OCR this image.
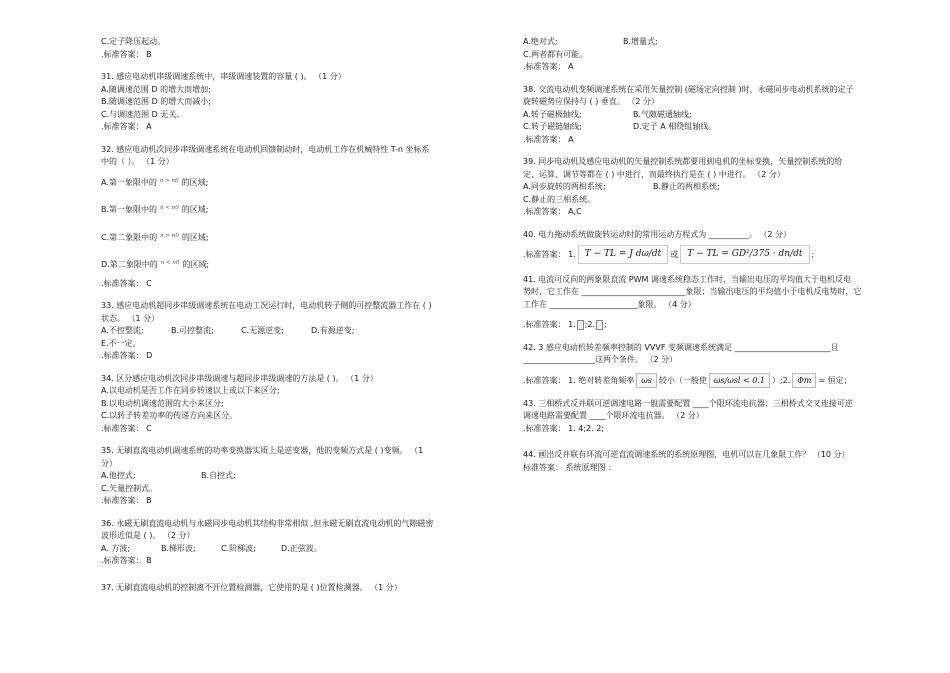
C.定子降压起动。
.标准答案： B
31. 感应电动机串级调速系统中，串级调速装置的容量 ( )。 （1 分）
A.随调速范围 D 的增大而增加;
B.随调速范围 D 的增大而减小;
C.与调速范围 D 无关。
.标准答案： A
32. 感应电动机次同步串级调速系统在电动机回馈制动时，电动机工作在机械特性 T-n 坐标系
中的（ ）。 （1 分）
A.第一象限中的 n > n0 的区域;
B.第一象限中的 n < n0 的区域;
C.第二象限中的 n > n0 的区域;
D.第二象限中的 n < n0 的区域;
.标准答案： C
33. 感应电动机超同步串级调速系统在电动工况运行时，电动机转子侧的可控整流器工作在 ( )
状态。 （1 分）
A.不控整流;	B.可控整流;	C.无源逆变;	D.有源逆变;
E.不一定。
.标准答案： D
34. 区分感应电动机次同步串级调速与超同步串级调速的方法是 ( )。 （1 分）
A.以电动机是否工作在同步转速以上或以下来区分;
B.以电动机调速范围的大小来区分;
C.以转子转差功率的传递方向来区分。
.标准答案： C
35. 无刷直流电动机调速系统的功率变换器实质上是逆变器，他的变频方式是 ( )变频。 （1
分）
A.他控式;	B.自控式;
C.矢量控制式。
.标准答案： B
36. 永磁无刷直流电动机与永磁同步电动机其结构非常相似 ,但永磁无刷直流电动机的气隙磁密
波形近似是 ( )。 （2 分）
A. 方波;	B.梯形波;	C.阶梯波;	D.正弦波。
.标准答案： B
37. 无刷直流电动机的控制离不开位置检测器，它使用的是 ( )位置检测器。 （1 分）
A.绝对式;	B.增量式;
C.两者都有可能。
.标准答案： A
38. 交流电动机变频调速系统在采用矢量控制 (磁场定向控制 )时，永磁同步电动机系统的定子
旋转磁势应保持与 ( ) 垂直。 （2 分）
A.转子磁极轴线;	B.气隙磁通轴线;
C.转子磁链轴线;	D.定子 A 相绕组轴线。
.标准答案： A
39. 同步电动机及感应电动机的矢量控制系统都要用到电机的坐标变换，矢量控制系统的给
定、运算、调节等都在 ( ) 中进行，而最终执行是在 ( ) 中进行。 （2 分）
A.同步旋转的两相系统;	B.静止的两相系统;
C.静止的三相系统。
.标准答案： A,C
40. 电力拖动系统做旋转运动时的常用运动方程式为 __________。 （2 分）
.标准答案： 1. T − TL = J dω/dt 或 T − TL = GD²/375 · dn/dt ;
41. 电流可反向的两象限直流 PWM 调速系统稳态工作时，当输出电压的平均值大于电机反电
势时，它工作在 __________________________象限；当输出电压的平均值小于电机反电势时，它
工作在 ______________________象限。 （4 分）
.标准答案： 1. ;2. ;
42. 3 感应电动机转差频率控制的 VVVF 变频调速系统满足 ________________________且
__________________这两个条件。 （2 分）
.标准答案： 1. 绝对转差角频率 ωs 较小（一般使 ωs/ωsl < 0.1 ）;2. Φm = 恒定；
43. 三相桥式反并联可逆调速电路一般需要配置 ____个限环流电抗器；三相桥式交叉连接可逆
调速电路需要配置 ____个限环流电抗器。 （2 分）
.标准答案： 1. 4;2. 2;
44. 画出反并联有环流可逆直流调速系统的系统原理图，电机可以在几象限工作？ （10 分）
标准答案： 系统原理图 ：
